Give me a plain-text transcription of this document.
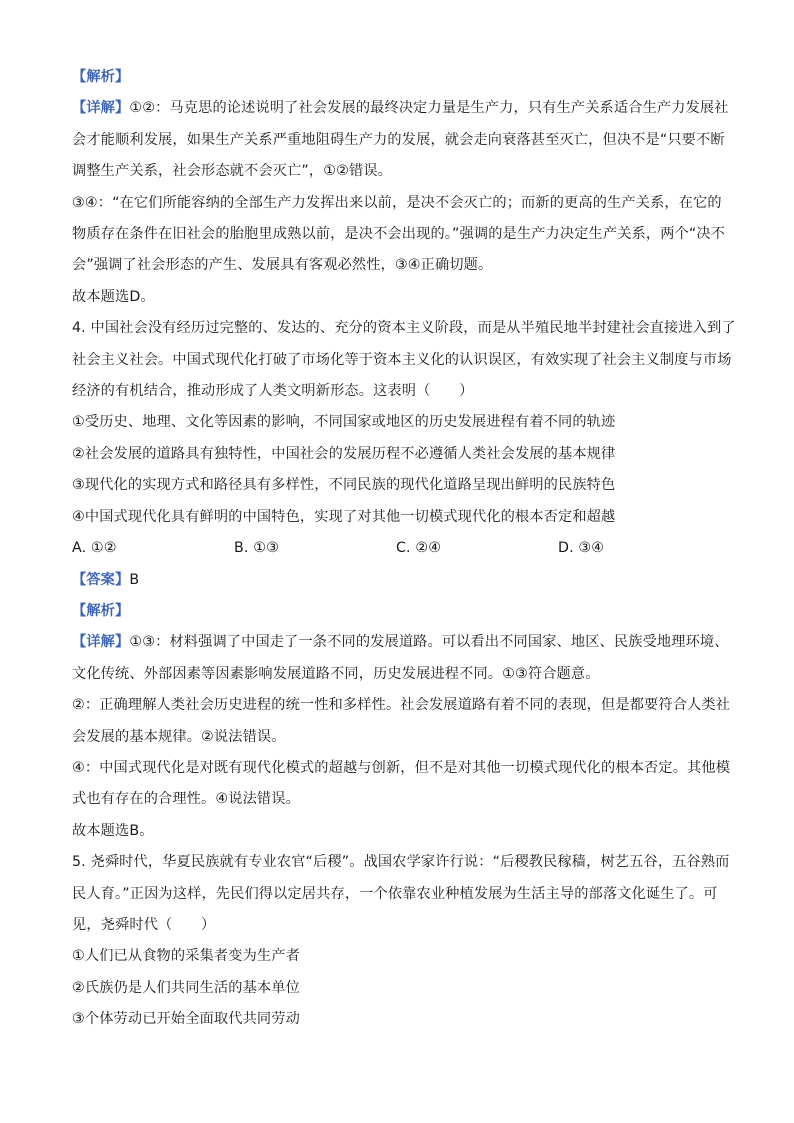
【解析】
【详解】①②：马克思的论述说明了社会发展的最终决定力量是生产力，只有生产关系适合生产力发展社
会才能顺利发展，如果生产关系严重地阻碍生产力的发展，就会走向衰落甚至灭亡，但决不是“只要不断
调整生产关系，社会形态就不会灭亡”，①②错误。
③④：“在它们所能容纳的全部生产力发挥出来以前，是决不会灭亡的；而新的更高的生产关系，在它的
物质存在条件在旧社会的胎胞里成熟以前，是决不会出现的。”强调的是生产力决定生产关系，两个“决不
会”强调了社会形态的产生、发展具有客观必然性，③④正确切题。
故本题选D。
4. 中国社会没有经历过完整的、发达的、充分的资本主义阶段，而是从半殖民地半封建社会直接进入到了
社会主义社会。中国式现代化打破了市场化等于资本主义化的认识误区，有效实现了社会主义制度与市场
经济的有机结合，推动形成了人类文明新形态。这表明（　　）
①受历史、地理、文化等因素的影响，不同国家或地区的历史发展进程有着不同的轨迹
②社会发展的道路具有独特性，中国社会的发展历程不必遵循人类社会发展的基本规律
③现代化的实现方式和路径具有多样性，不同民族的现代化道路呈现出鲜明的民族特色
④中国式现代化具有鲜明的中国特色，实现了对其他一切模式现代化的根本否定和超越
A. ①②	B. ①③	C. ②④	D. ③④
【答案】B
【解析】
【详解】①③：材料强调了中国走了一条不同的发展道路。可以看出不同国家、地区、民族受地理环境、
文化传统、外部因素等因素影响发展道路不同，历史发展进程不同。①③符合题意。
②：正确理解人类社会历史进程的统一性和多样性。社会发展道路有着不同的表现，但是都要符合人类社
会发展的基本规律。②说法错误。
④：中国式现代化是对既有现代化模式的超越与创新，但不是对其他一切模式现代化的根本否定。其他模
式也有存在的合理性。④说法错误。
故本题选B。
5. 尧舜时代，华夏民族就有专业农官“后稷”。战国农学家许行说：“后稷教民稼穑，树艺五谷，五谷熟而
民人育。”正因为这样，先民们得以定居共存，一个依靠农业种植发展为生活主导的部落文化诞生了。可
见，尧舜时代（　　）
①人们已从食物的采集者变为生产者
②氏族仍是人们共同生活的基本单位
③个体劳动已开始全面取代共同劳动
